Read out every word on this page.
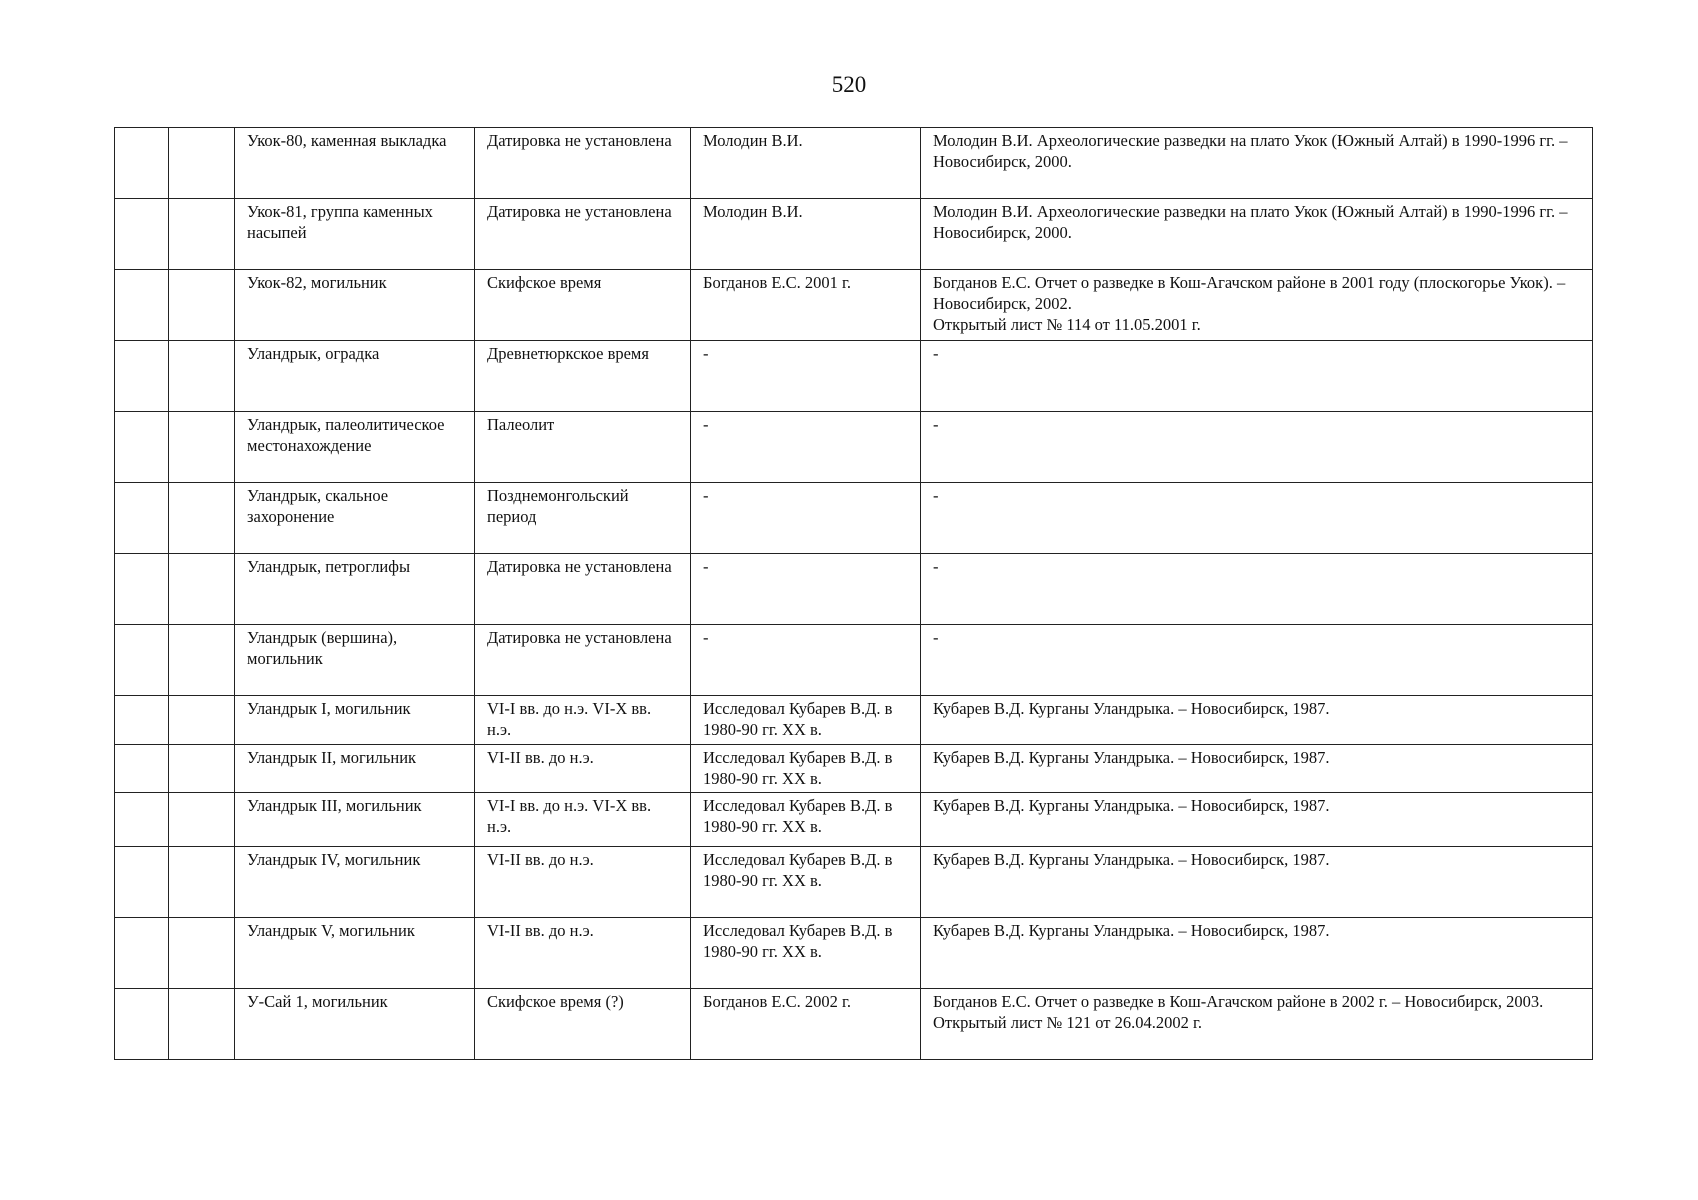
520
		Укок-80, каменная выкладка	Датировка не установлена	Молодин В.И.	Молодин В.И. Археологические разведки на плато Укок (Южный Алтай) в 1990-1996 гг. – Новосибирск, 2000.
		Укок-81, группа каменных насыпей	Датировка не установлена	Молодин В.И.	Молодин В.И. Археологические разведки на плато Укок (Южный Алтай) в 1990-1996 гг. – Новосибирск, 2000.
		Укок-82, могильник	Скифское время	Богданов Е.С. 2001 г.	Богданов Е.С. Отчет о разведке в Кош-Агачском районе в 2001 году (плоскогорье Укок). – Новосибирск, 2002.
Открытый лист № 114 от 11.05.2001 г.

		Уландрык, оградка	Древнетюркское время	-	-
		Уландрык, палеолитическое местонахождение	Палеолит	-	-
		Уландрык, скальное захоронение	Позднемонгольский период	-	-
		Уландрык, петроглифы	Датировка не установлена	-	-
		Уландрык (вершина), могильник	Датировка не установлена	-	-
		Уландрык I, могильник	VI-I вв. до н.э. VI-X вв. н.э.	Исследовал Кубарев В.Д. в 1980-90 гг. ХХ в.	Кубарев В.Д. Курганы Уландрыка. – Новосибирск, 1987.
		Уландрык II, могильник	VI-II вв. до н.э.	Исследовал Кубарев В.Д. в 1980-90 гг. ХХ в.	Кубарев В.Д. Курганы Уландрыка. – Новосибирск, 1987.
		Уландрык III, могильник	VI-I вв. до н.э. VI-X вв. н.э.	Исследовал Кубарев В.Д. в 1980-90 гг. ХХ в.	Кубарев В.Д. Курганы Уландрыка. – Новосибирск, 1987.
		Уландрык IV, могильник	VI-II вв. до н.э.	Исследовал Кубарев В.Д. в 1980-90 гг. ХХ в.	Кубарев В.Д. Курганы Уландрыка. – Новосибирск, 1987.
		Уландрык V, могильник	VI-II вв. до н.э.	Исследовал Кубарев В.Д. в 1980-90 гг. ХХ в.	Кубарев В.Д. Курганы Уландрыка. – Новосибирск, 1987.
		У-Сай 1, могильник	Скифское время (?)	Богданов Е.С. 2002 г.	Богданов Е.С. Отчет о разведке в Кош-Агачском районе в 2002 г. – Новосибирск, 2003.
Открытый лист № 121 от 26.04.2002 г.
